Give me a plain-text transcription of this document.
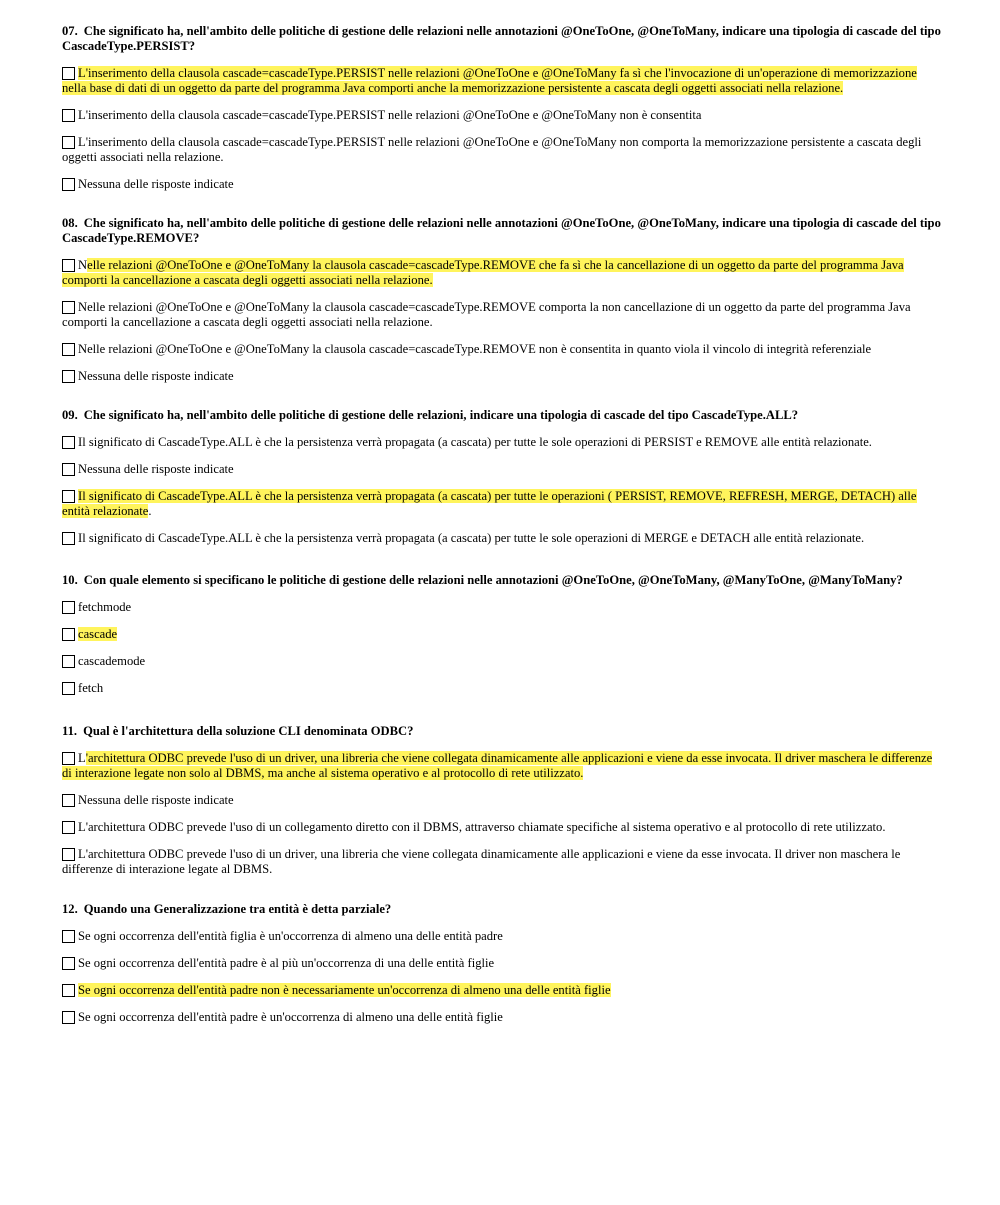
07. Che significato ha, nell'ambito delle politiche di gestione delle relazioni nelle annotazioni @OneToOne, @OneToMany, indicare una tipologia di cascade del tipo CascadeType.PERSIST?
L'inserimento della clausola cascade=cascadeType.PERSIST nelle relazioni @OneToOne e @OneToMany fa sì che l'invocazione di un'operazione di memorizzazione nella base di dati di un oggetto da parte del programma Java comporti anche la memorizzazione persistente a cascata degli oggetti associati nella relazione.
L'inserimento della clausola cascade=cascadeType.PERSIST nelle relazioni @OneToOne e @OneToMany non è consentita
L'inserimento della clausola cascade=cascadeType.PERSIST nelle relazioni @OneToOne e @OneToMany non comporta la memorizzazione persistente a cascata degli oggetti associati nella relazione.
Nessuna delle risposte indicate
08. Che significato ha, nell'ambito delle politiche di gestione delle relazioni nelle annotazioni @OneToOne, @OneToMany, indicare una tipologia di cascade del tipo CascadeType.REMOVE?
Nelle relazioni @OneToOne e @OneToMany la clausola cascade=cascadeType.REMOVE che fa sì che la cancellazione di un oggetto da parte del programma Java comporti la cancellazione a cascata degli oggetti associati nella relazione.
Nelle relazioni @OneToOne e @OneToMany la clausola cascade=cascadeType.REMOVE comporta la non cancellazione di un oggetto da parte del programma Java comporti la cancellazione a cascata degli oggetti associati nella relazione.
Nelle relazioni @OneToOne e @OneToMany la clausola cascade=cascadeType.REMOVE non è consentita in quanto viola il vincolo di integrità referenziale
Nessuna delle risposte indicate
09. Che significato ha, nell'ambito delle politiche di gestione delle relazioni, indicare una tipologia di cascade del tipo CascadeType.ALL?
Il significato di CascadeType.ALL è che la persistenza verrà propagata (a cascata) per tutte le sole operazioni di PERSIST e REMOVE alle entità relazionate.
Nessuna delle risposte indicate
Il significato di CascadeType.ALL è che la persistenza verrà propagata (a cascata) per tutte le operazioni ( PERSIST, REMOVE, REFRESH, MERGE, DETACH) alle entità relazionate.
Il significato di CascadeType.ALL è che la persistenza verrà propagata (a cascata) per tutte le sole operazioni di MERGE e DETACH alle entità relazionate.
10. Con quale elemento si specificano le politiche di gestione delle relazioni nelle annotazioni @OneToOne, @OneToMany, @ManyToOne, @ManyToMany?
fetchmode
cascade
cascademode
fetch
11. Qual è l'architettura della soluzione CLI denominata ODBC?
L'architettura ODBC prevede l'uso di un driver, una libreria che viene collegata dinamicamente alle applicazioni e viene da esse invocata. Il driver maschera le differenze di interazione legate non solo al DBMS, ma anche al sistema operativo e al protocollo di rete utilizzato.
Nessuna delle risposte indicate
L'architettura ODBC prevede l'uso di un collegamento diretto con il DBMS, attraverso chiamate specifiche al sistema operativo e al protocollo di rete utilizzato.
L'architettura ODBC prevede l'uso di un driver, una libreria che viene collegata dinamicamente alle applicazioni e viene da esse invocata. Il driver non maschera le differenze di interazione legate al DBMS.
12. Quando una Generalizzazione tra entità è detta parziale?
Se ogni occorrenza dell'entità figlia è un'occorrenza di almeno una delle entità padre
Se ogni occorrenza dell'entità padre è al più un'occorrenza di una delle entità figlie
Se ogni occorrenza dell'entità padre non è necessariamente un'occorrenza di almeno una delle entità figlie
Se ogni occorrenza dell'entità padre è un'occorrenza di almeno una delle entità figlie
